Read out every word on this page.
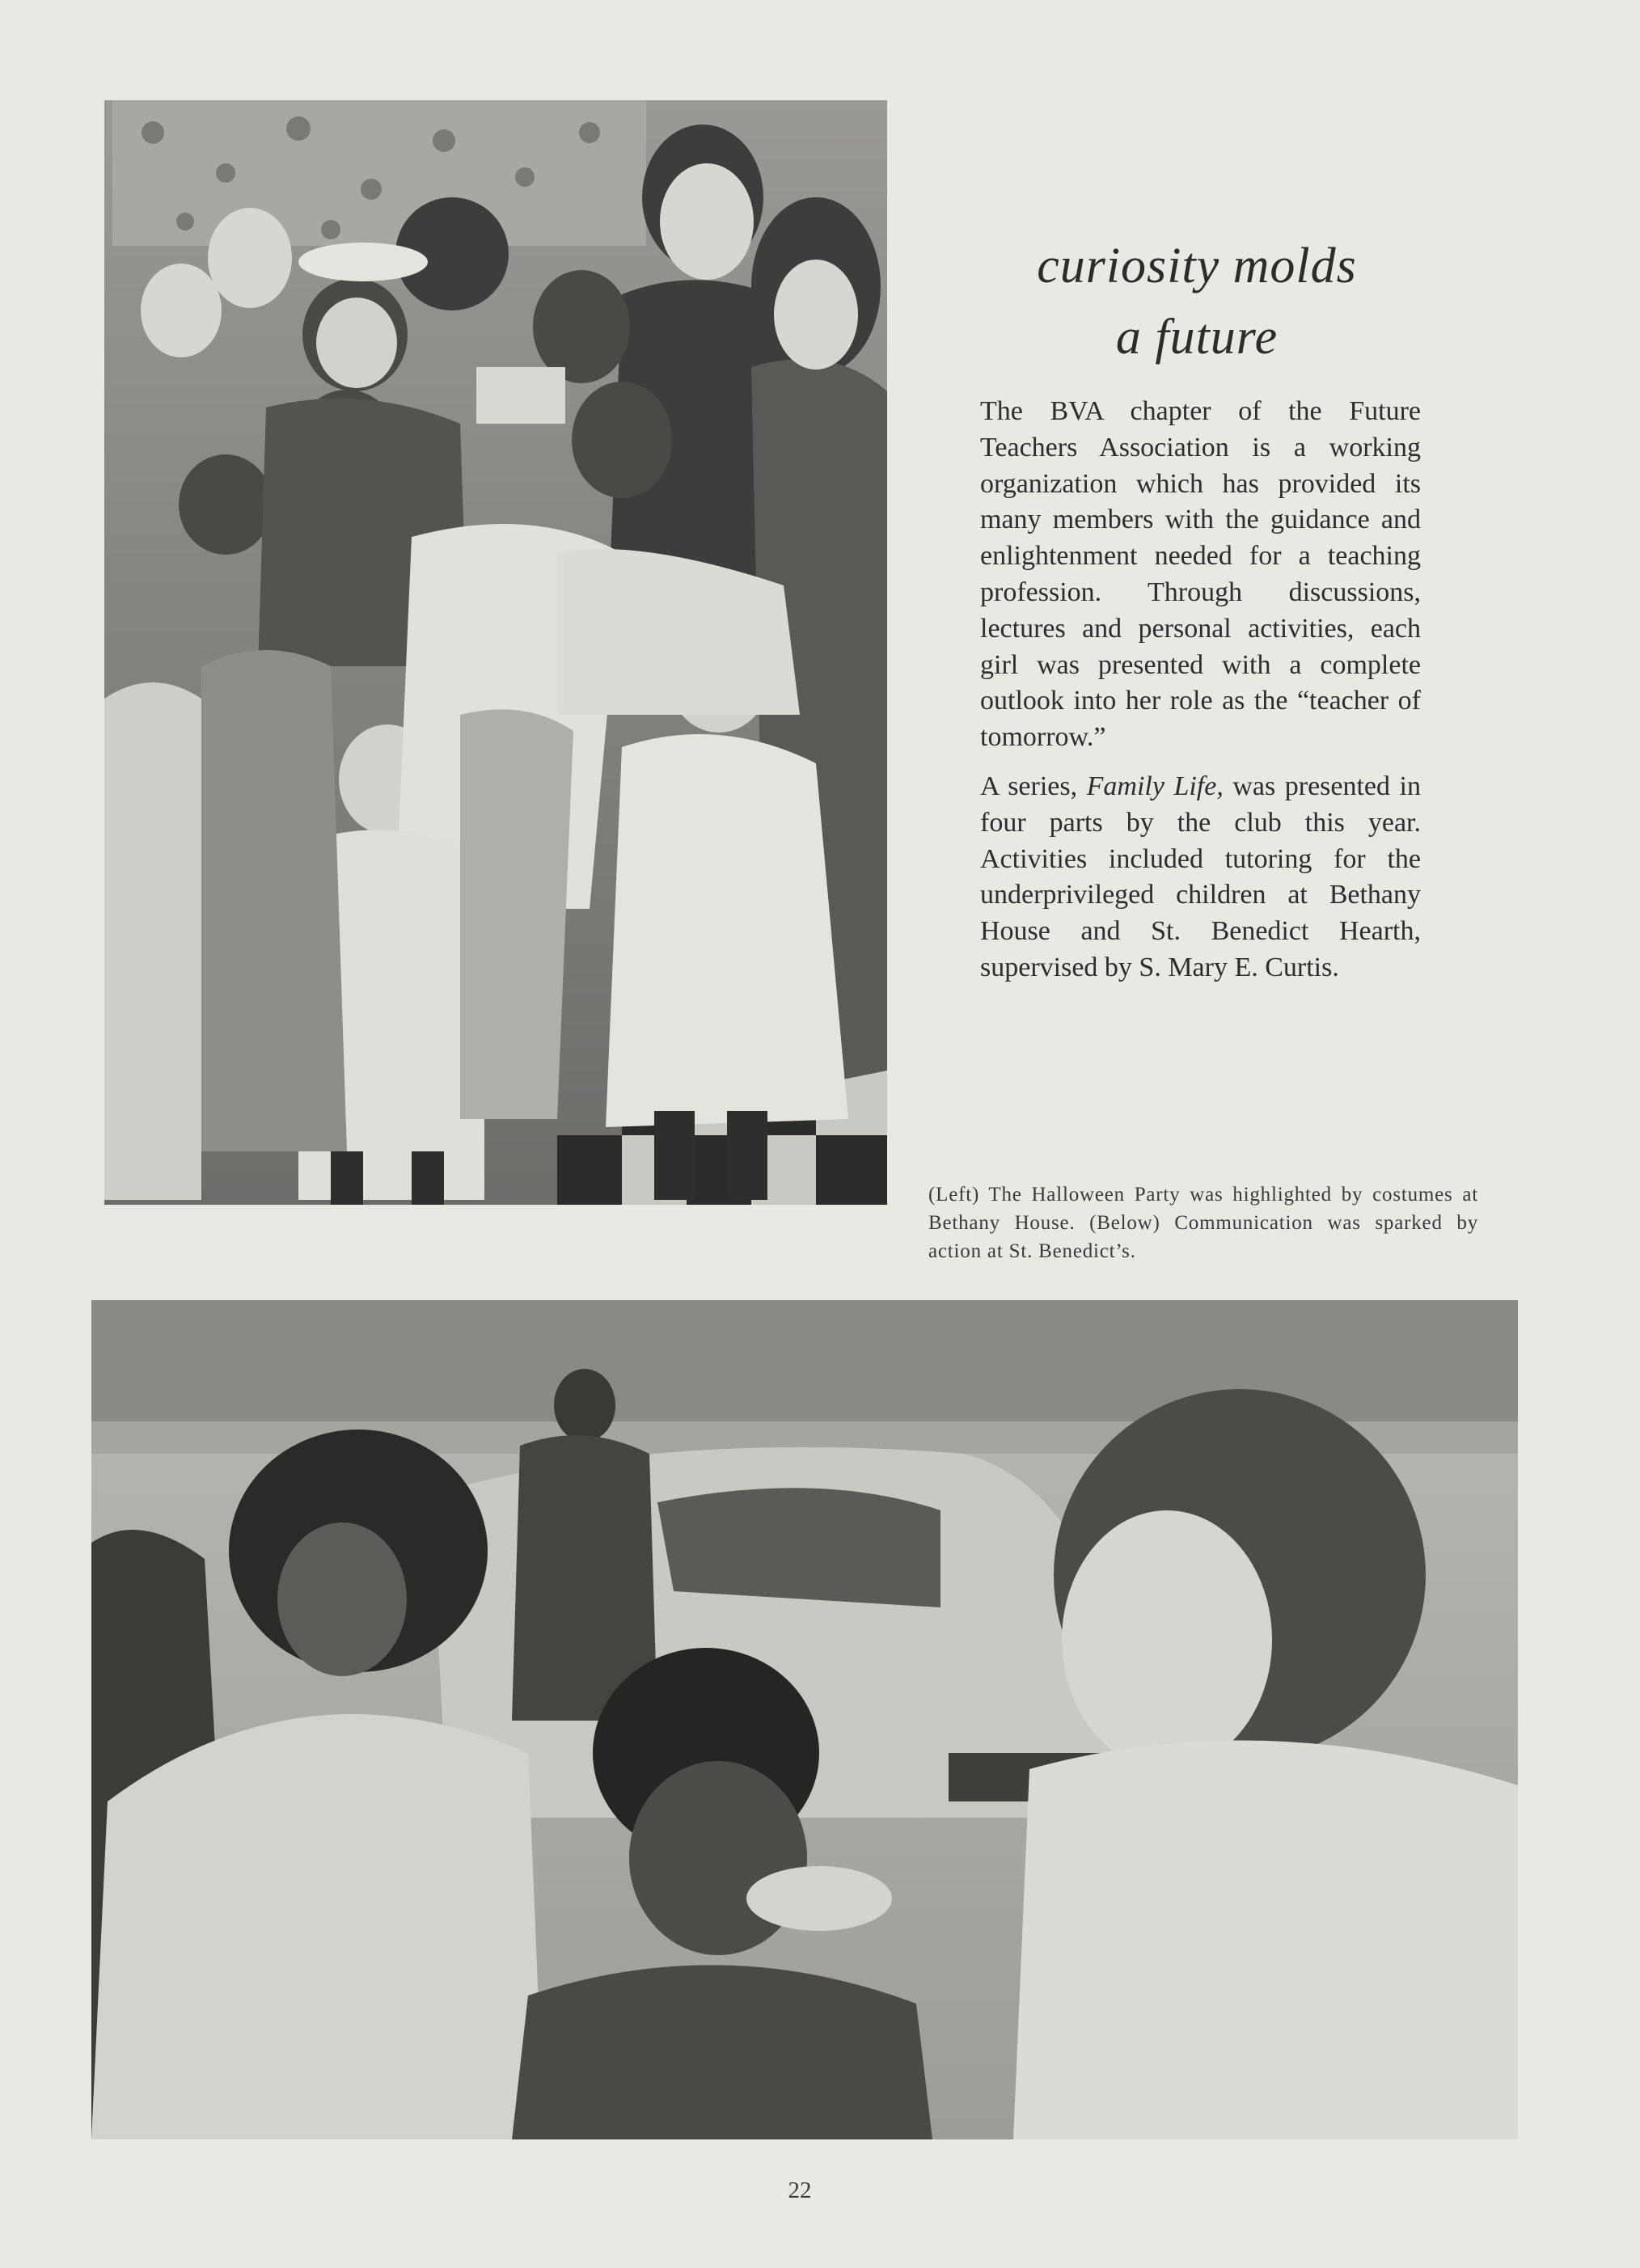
curiosity molds
a future

The BVA chapter of the Future Teachers Association is a working organization which has provided its many members with the guidance and enlightenment needed for a teaching profession. Through discussions, lectures and personal activities, each girl was presented with a complete outlook into her role as the “teacher of tomorrow.”

A series, Family Life, was presented in four parts by the club this year. Activities included tutoring for the underprivileged children at Bethany House and St. Benedict Hearth, supervised by S. Mary E. Curtis.

(Left) The Halloween Party was highlighted by costumes at Bethany House. (Below) Communication was sparked by action at St. Benedict’s.
22
